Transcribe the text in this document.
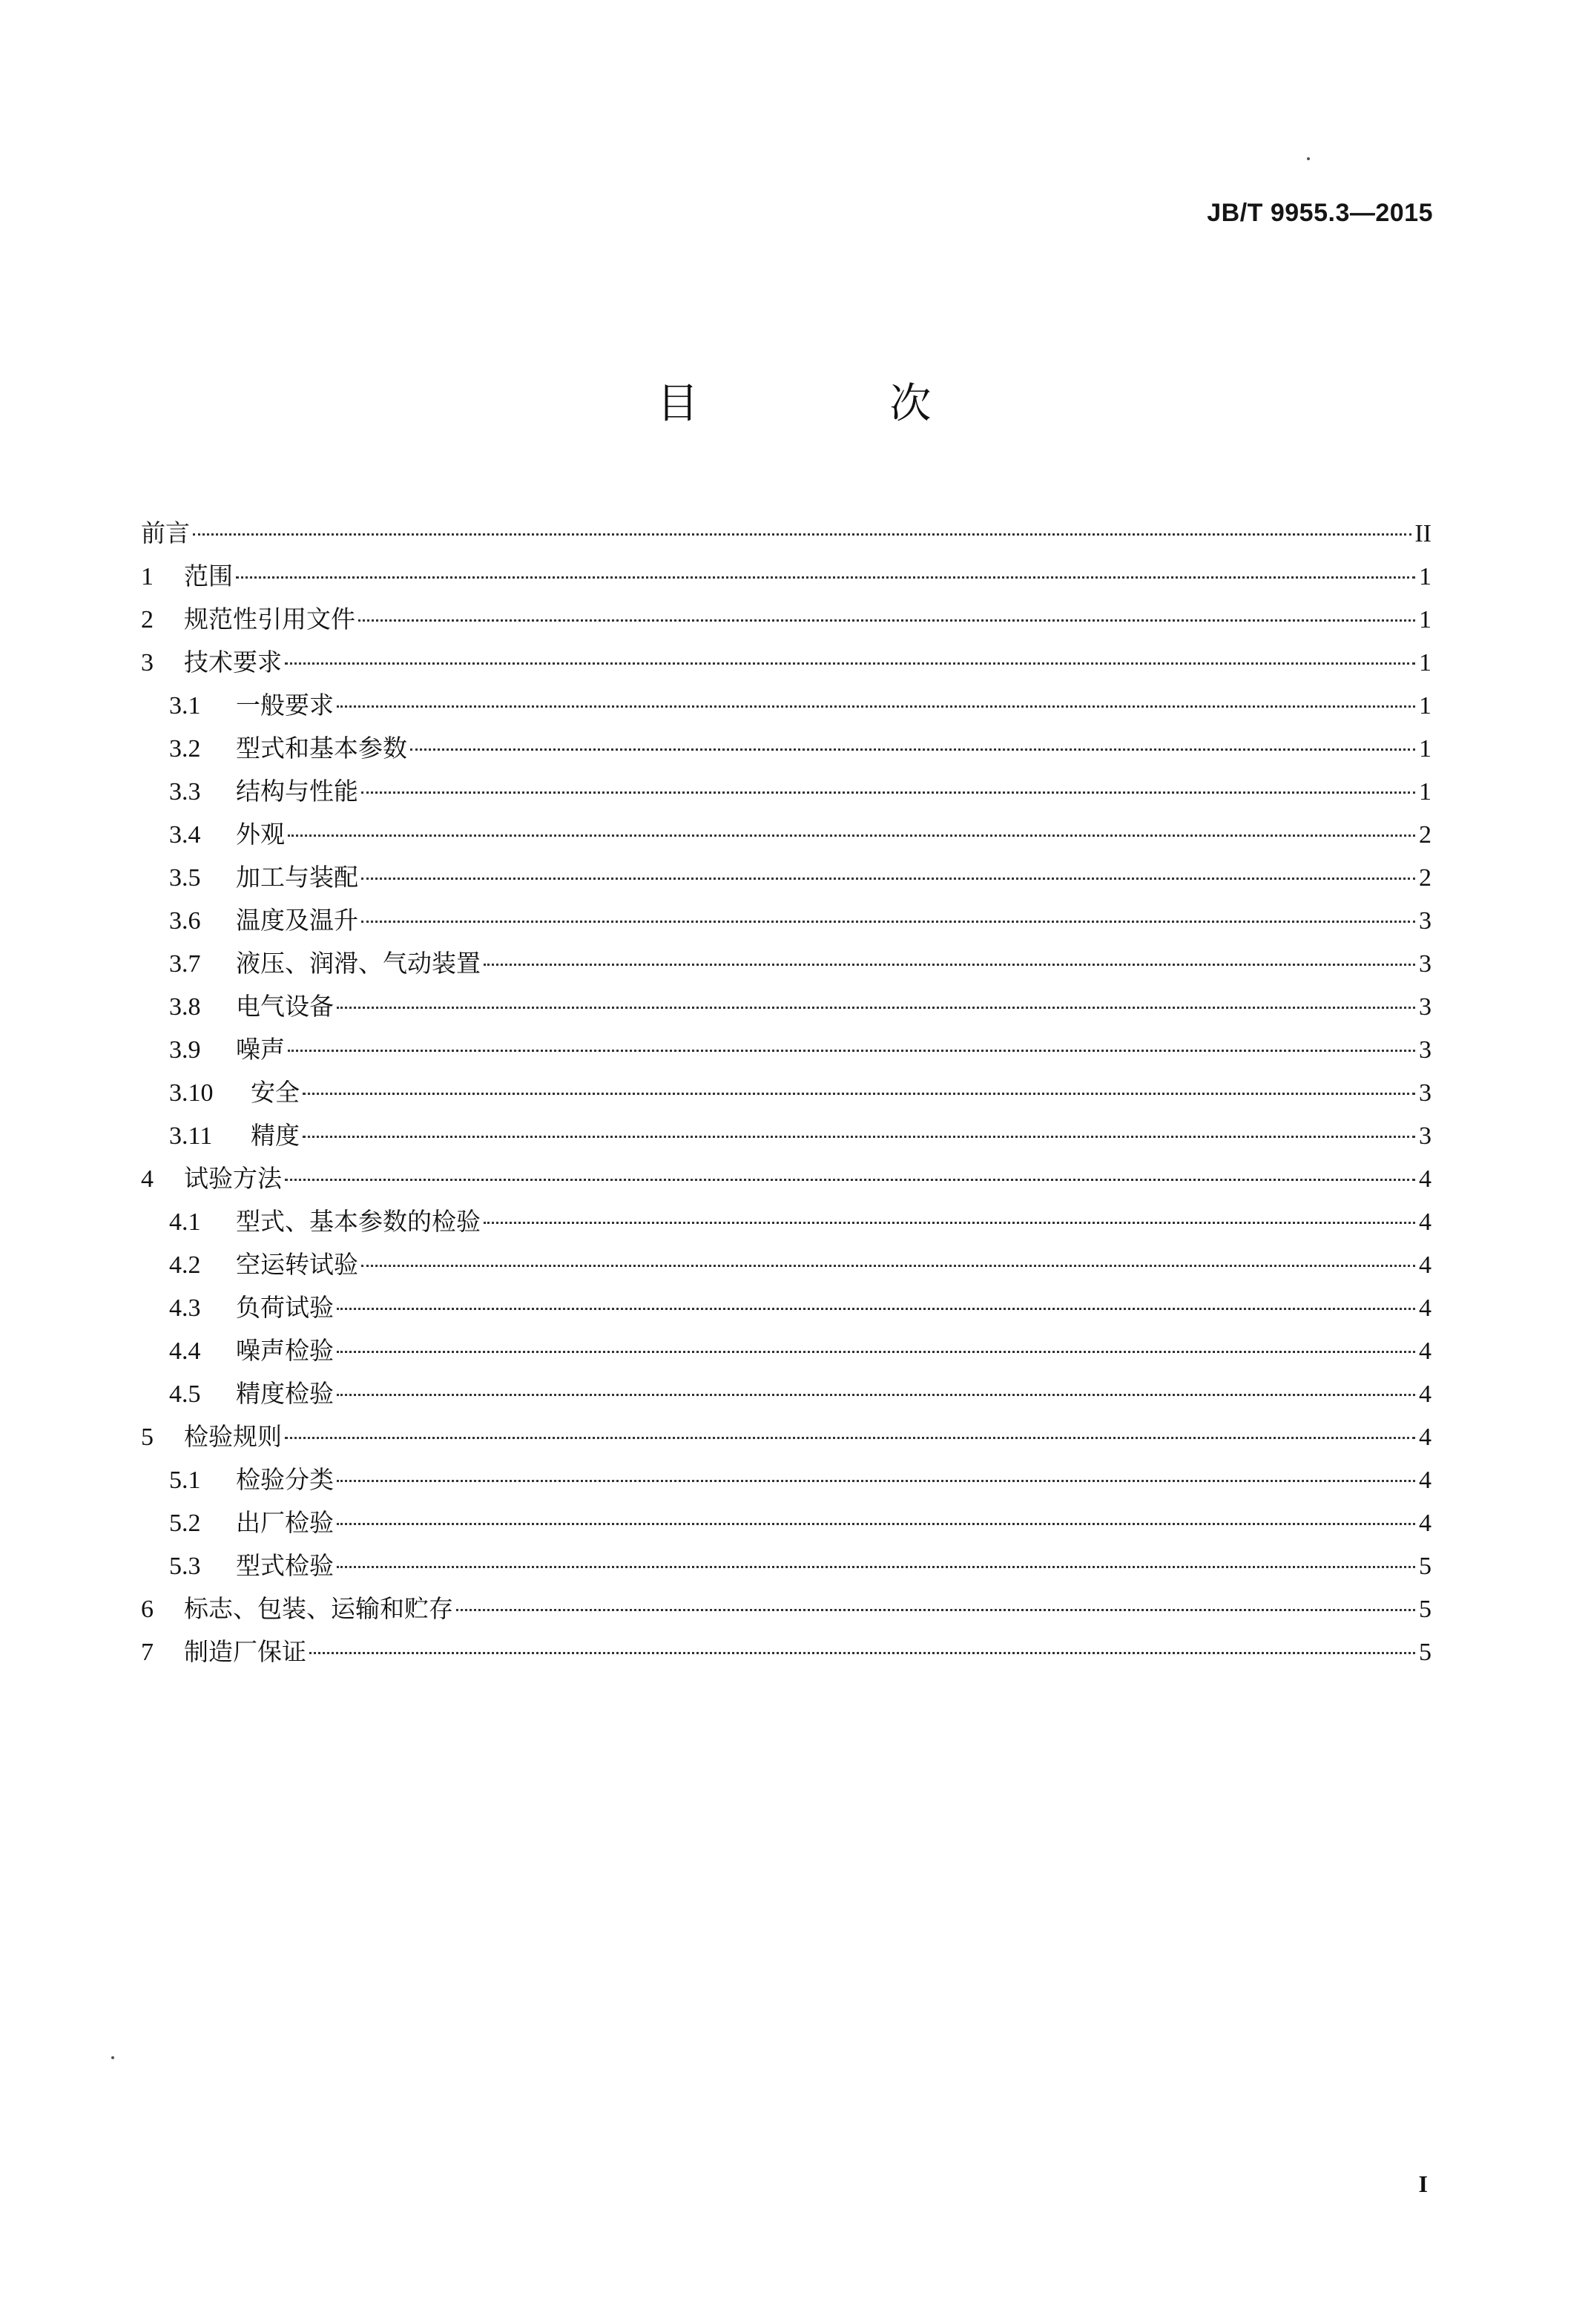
JB/T 9955.3—2015
目 次
前言	II
1	范围	1
2	规范性引用文件	1
3	技术要求	1
3.1	一般要求	1
3.2	型式和基本参数	1
3.3	结构与性能	1
3.4	外观	2
3.5	加工与装配	2
3.6	温度及温升	3
3.7	液压、润滑、气动装置	3
3.8	电气设备	3
3.9	噪声	3
3.10	安全	3
3.11	精度	3
4	试验方法	4
4.1	型式、基本参数的检验	4
4.2	空运转试验	4
4.3	负荷试验	4
4.4	噪声检验	4
4.5	精度检验	4
5	检验规则	4
5.1	检验分类	4
5.2	出厂检验	4
5.3	型式检验	5
6	标志、包装、运输和贮存	5
7	制造厂保证	5
I
